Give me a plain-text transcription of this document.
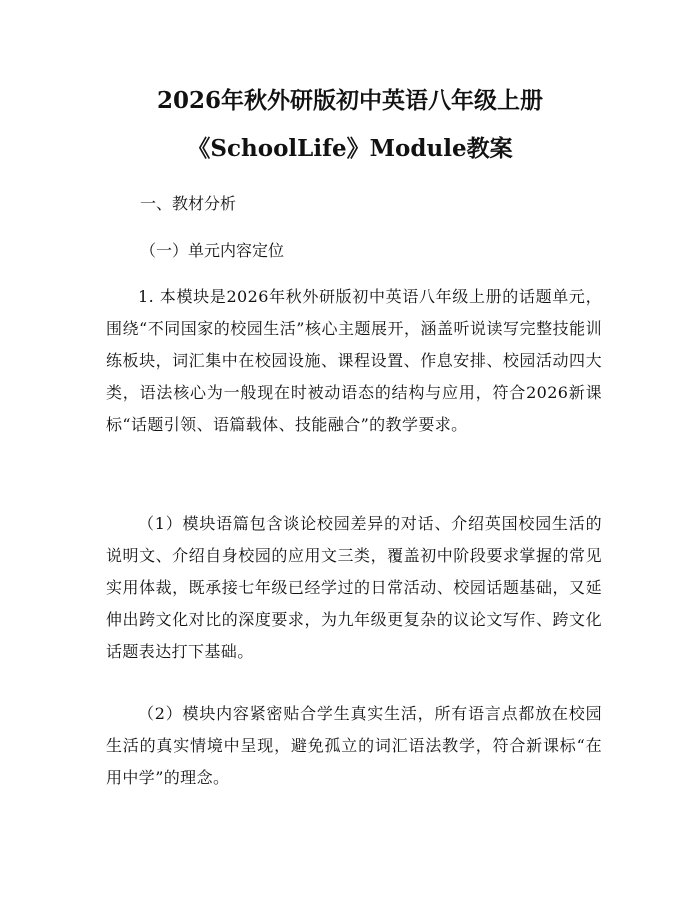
2026年秋外研版初中英语八年级上册
《SchoolLife》Module教案
一、教材分析
（一）单元内容定位
1. 本模块是2026年秋外研版初中英语八年级上册的话题单元，围绕“不同国家的校园生活”核心主题展开，涵盖听说读写完整技能训练板块，词汇集中在校园设施、课程设置、作息安排、校园活动四大类，语法核心为一般现在时被动语态的结构与应用，符合2026新课标“话题引领、语篇载体、技能融合”的教学要求。
（1）模块语篇包含谈论校园差异的对话、介绍英国校园生活的说明文、介绍自身校园的应用文三类，覆盖初中阶段要求掌握的常见实用体裁，既承接七年级已经学过的日常活动、校园话题基础，又延伸出跨文化对比的深度要求，为九年级更复杂的议论文写作、跨文化话题表达打下基础。
（2）模块内容紧密贴合学生真实生活，所有语言点都放在校园生活的真实情境中呈现，避免孤立的词汇语法教学，符合新课标“在用中学”的理念。
